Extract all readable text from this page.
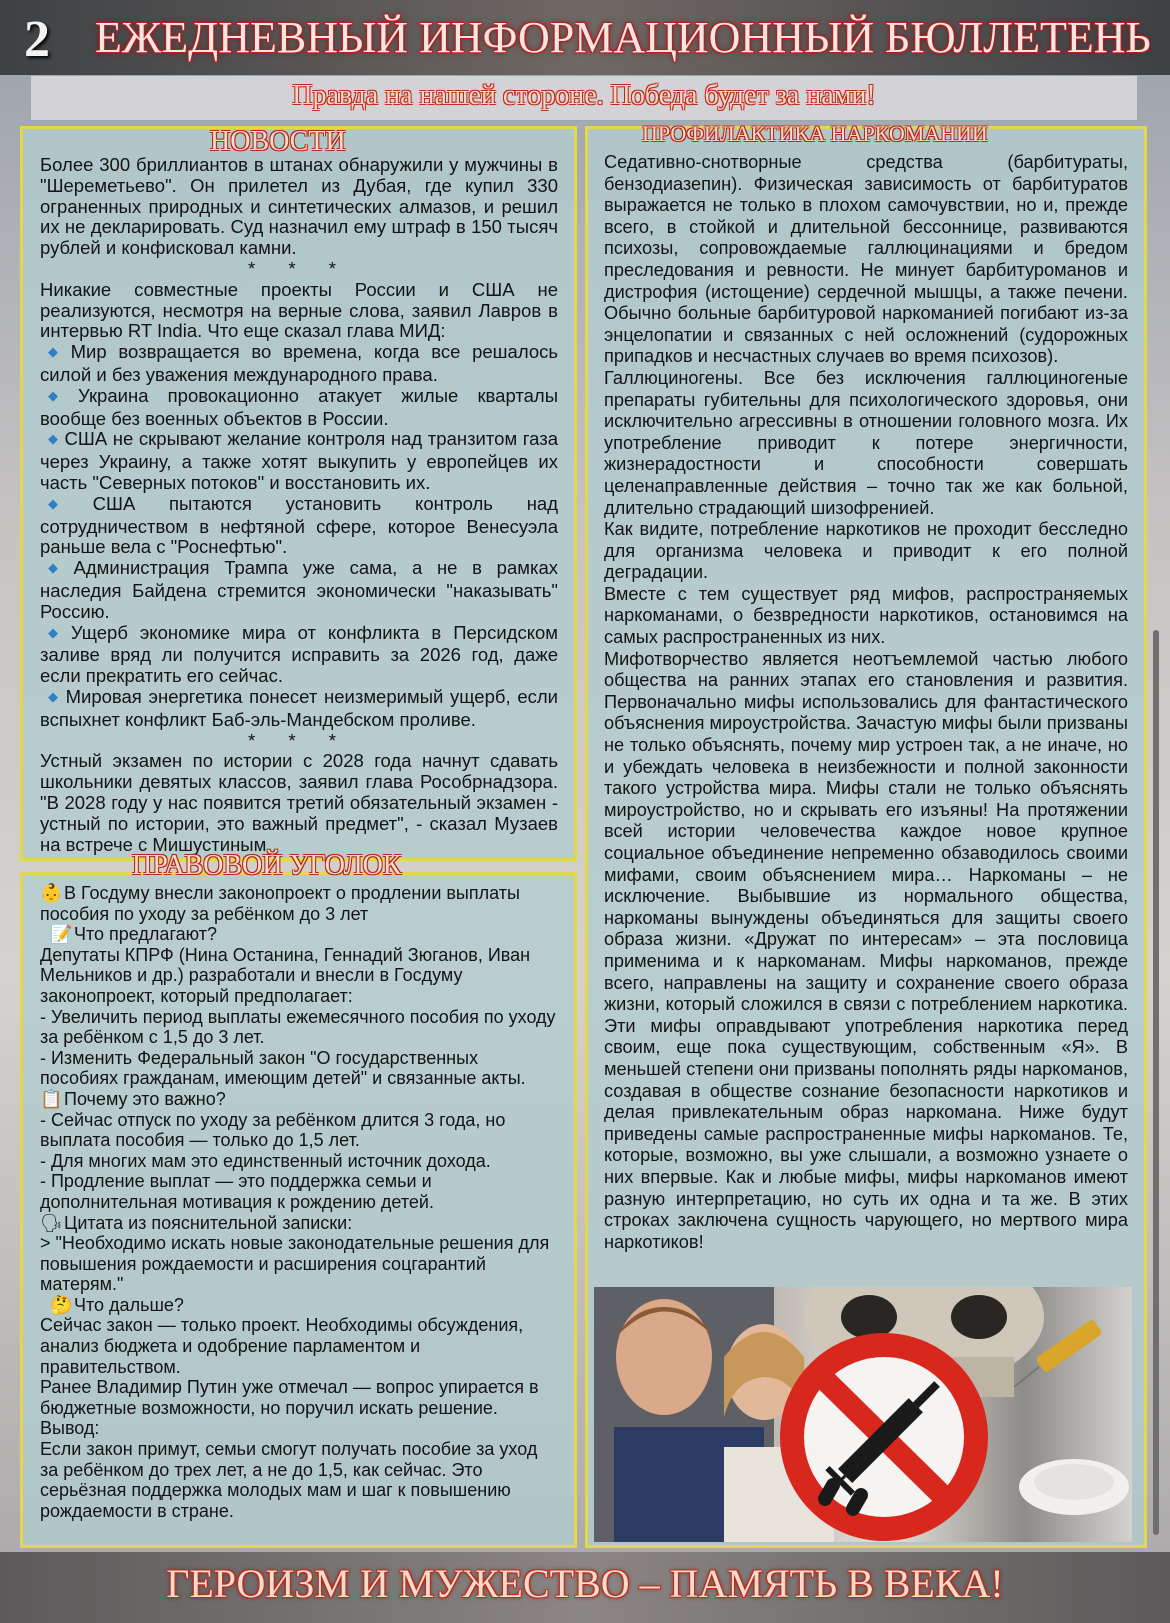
2 ЕЖЕДНЕВНЫЙ ИНФОРМАЦИОННЫЙ БЮЛЛЕТЕНЬ
Правда на нашей стороне. Победа будет за нами!
НОВОСТИ

Более 300 бриллиантов в штанах обнаружили у мужчины в "Шереметьево". Он прилетел из Дубая, где купил 330 ограненных природных и синтетических алмазов, и решил их не декларировать. Суд назначил ему штраф в 150 тысяч рублей и конфисковал камни.

* * *

Никакие совместные проекты России и США не реализуются, несмотря на верные слова, заявил Лавров в интервью RT India. Что еще сказал глава МИД:

◆ Мир возвращается во времена, когда все решалось силой и без уважения международного права.

◆ Украина провокационно атакует жилые кварталы вообще без военных объектов в России.

◆ США не скрывают желание контроля над транзитом газа через Украину, а также хотят выкупить у европейцев их часть "Северных потоков" и восстановить их.

◆ США пытаются установить контроль над сотрудничеством в нефтяной сфере, которое Венесуэла раньше вела с "Роснефтью".

◆ Администрация Трампа уже сама, а не в рамках наследия Байдена стремится экономически "наказывать" Россию.

◆ Ущерб экономике мира от конфликта в Персидском заливе вряд ли получится исправить за 2026 год, даже если прекратить его сейчас.

◆ Мировая энергетика понесет неизмеримый ущерб, если вспыхнет конфликт Баб-эль-Мандебском проливе.

* * *

Устный экзамен по истории с 2028 года начнут сдавать школьники девятых классов, заявил глава Рособрнадзора. "В 2028 году у нас появится третий обязательный экзамен - устный по истории, это важный предмет", - сказал Музаев на встрече с Мишустиным.

ПРАВОВОЙ УГОЛОК

👶В Госдуму внесли законопроект о продлении выплаты пособия по уходу за ребёнком до 3 лет

📝Что предлагают?

Депутаты КПРФ (Нина Останина, Геннадий Зюганов, Иван Мельников и др.) разработали и внесли в Госдуму законопроект, который предполагает:

- Увеличить период выплаты ежемесячного пособия по уходу за ребёнком с 1,5 до 3 лет.

- Изменить Федеральный закон "О государственных пособиях гражданам, имеющим детей" и связанные акты.

📋Почему это важно?

- Сейчас отпуск по уходу за ребёнком длится 3 года, но выплата пособия — только до 1,5 лет.

- Для многих мам это единственный источник дохода.

- Продление выплат — это поддержка семьи и дополнительная мотивация к рождению детей.

🗣Цитата из пояснительной записки:

> "Необходимо искать новые законодательные решения для повышения рождаемости и расширения соцгарантий матерям."

🤔Что дальше?

Сейчас закон — только проект. Необходимы обсуждения, анализ бюджета и одобрение парламентом и правительством.

Ранее Владимир Путин уже отмечал — вопрос упирается в бюджетные возможности, но поручил искать решение.

Вывод:

Если закон примут, семьи смогут получать пособие за уход за ребёнком до трех лет, а не до 1,5, как сейчас. Это серьёзная поддержка молодых мам и шаг к повышению рождаемости в стране.

ПРОФИЛАКТИКА НАРКОМАНИИ

Седативно-снотворные средства (барбитураты, бензодиазепин). Физическая зависимость от барбитуратов выражается не только в плохом самочувствии, но и, прежде всего, в стойкой и длительной бессоннице, развиваются психозы, сопровождаемые галлюцинациями и бредом преследования и ревности. Не минует барбитуроманов и дистрофия (истощение) сердечной мышцы, а также печени. Обычно больные барбитуровой наркоманией погибают из-за энцелопатии и связанных с ней осложнений (судорожных припадков и несчастных случаев во время психозов).

Галлюциногены. Все без исключения галлюциногеные препараты губительны для психологического здоровья, они исключительно агрессивны в отношении головного мозга. Их употребление приводит к потере энергичности, жизнерадостности и способности совершать целенаправленные действия – точно так же как больной, длительно страдающий шизофренией.

Как видите, потребление наркотиков не проходит бесследно для организма человека и приводит к его полной деградации.

Вместе с тем существует ряд мифов, распространяемых наркоманами, о безвредности наркотиков, остановимся на самых распространенных из них.

Мифотворчество является неотъемлемой частью любого общества на ранних этапах его становления и развития. Первоначально мифы использовались для фантастического объяснения мироустройства. Зачастую мифы были призваны не только объяснять, почему мир устроен так, а не иначе, но и убеждать человека в неизбежности и полной законности такого устройства мира. Мифы стали не только объяснять мироустройство, но и скрывать его изъяны! На протяжении всей истории человечества каждое новое крупное социальное объединение непременно обзаводилось своими мифами, своим объяснением мира… Наркоманы – не исключение. Выбывшие из нормального общества, наркоманы вынуждены объединяться для защиты своего образа жизни. «Дружат по интересам» – эта пословица применима и к наркоманам. Мифы наркоманов, прежде всего, направлены на защиту и сохранение своего образа жизни, который сложился в связи с потреблением наркотика. Эти мифы оправдывают употребления наркотика перед своим, еще пока существующим, собственным «Я». В меньшей степени они призваны пополнять ряды наркоманов, создавая в обществе сознание безопасности наркотиков и делая привлекательным образ наркомана. Ниже будут приведены самые распространенные мифы наркоманов. Те, которые, возможно, вы уже слышали, а возможно узнаете о них впервые. Как и любые мифы, мифы наркоманов имеют разную интерпретацию, но суть их одна и та же. В этих строках заключена сущность чарующего, но мертвого мира наркотиков!

ГЕРОИЗМ И МУЖЕСТВО – ПАМЯТЬ В ВЕКА!
